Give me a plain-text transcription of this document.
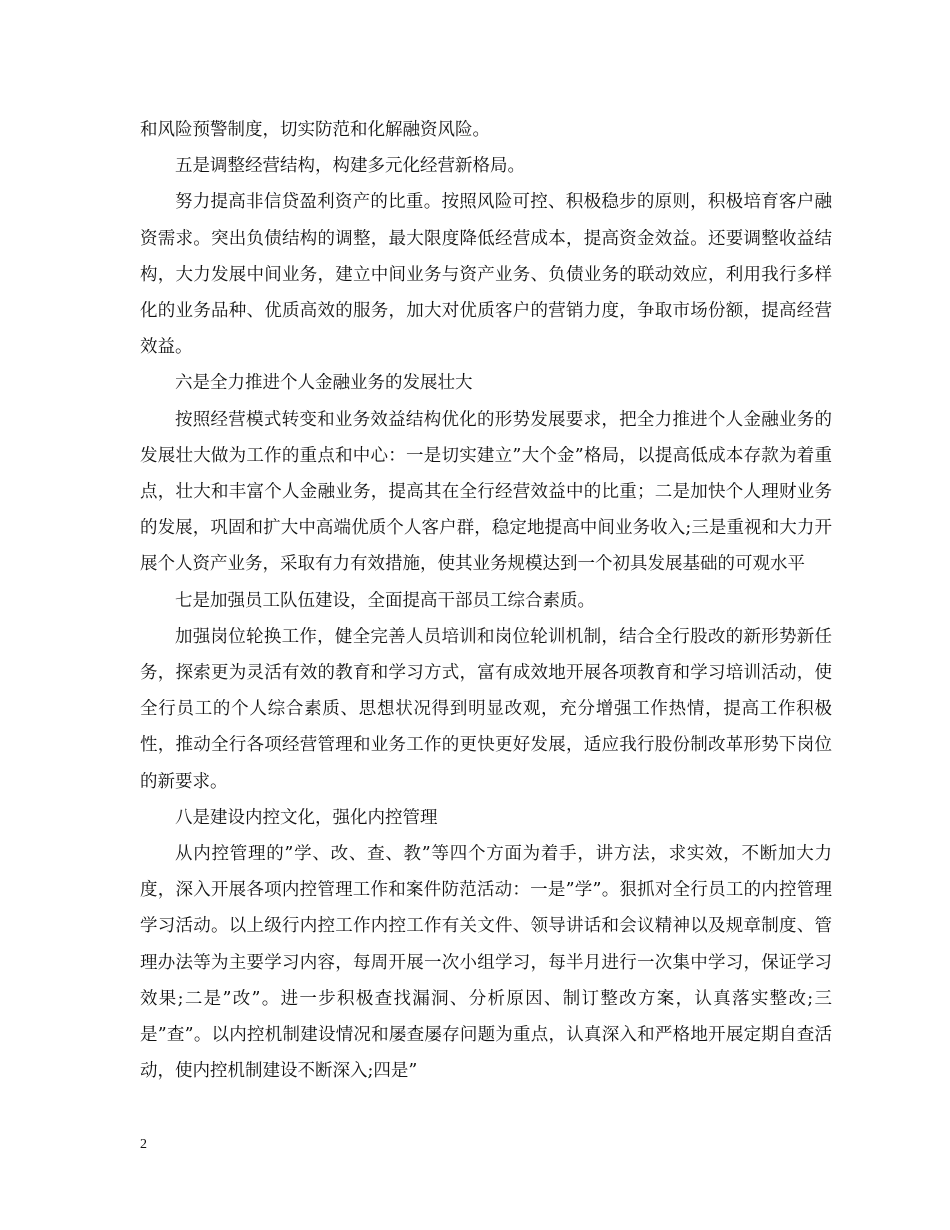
和风险预警制度，切实防范和化解融资风险。

五是调整经营结构，构建多元化经营新格局。

努力提高非信贷盈利资产的比重。按照风险可控、积极稳步的原则，积极培育客户融资需求。突出负债结构的调整，最大限度降低经营成本，提高资金效益。还要调整收益结构，大力发展中间业务，建立中间业务与资产业务、负债业务的联动效应，利用我行多样化的业务品种、优质高效的服务，加大对优质客户的营销力度，争取市场份额，提高经营效益。

六是全力推进个人金融业务的发展壮大

按照经营模式转变和业务效益结构优化的形势发展要求，把全力推进个人金融业务的发展壮大做为工作的重点和中心：一是切实建立”大个金”格局，以提高低成本存款为着重点，壮大和丰富个人金融业务，提高其在全行经营效益中的比重；二是加快个人理财业务的发展，巩固和扩大中高端优质个人客户群，稳定地提高中间业务收入;三是重视和大力开展个人资产业务，采取有力有效措施，使其业务规模达到一个初具发展基础的可观水平

七是加强员工队伍建设，全面提高干部员工综合素质。

加强岗位轮换工作，健全完善人员培训和岗位轮训机制，结合全行股改的新形势新任务，探索更为灵活有效的教育和学习方式，富有成效地开展各项教育和学习培训活动，使全行员工的个人综合素质、思想状况得到明显改观，充分增强工作热情，提高工作积极性，推动全行各项经营管理和业务工作的更快更好发展，适应我行股份制改革形势下岗位的新要求。

八是建设内控文化，强化内控管理

从内控管理的”学、改、查、教”等四个方面为着手，讲方法，求实效，不断加大力度，深入开展各项内控管理工作和案件防范活动：一是”学”。狠抓对全行员工的内控管理学习活动。以上级行内控工作内控工作有关文件、领导讲话和会议精神以及规章制度、管理办法等为主要学习内容，每周开展一次小组学习，每半月进行一次集中学习，保证学习效果;二是”改”。进一步积极查找漏洞、分析原因、制订整改方案，认真落实整改;三是”查”。以内控机制建设情况和屡查屡存问题为重点，认真深入和严格地开展定期自查活动，使内控机制建设不断深入;四是”

2
